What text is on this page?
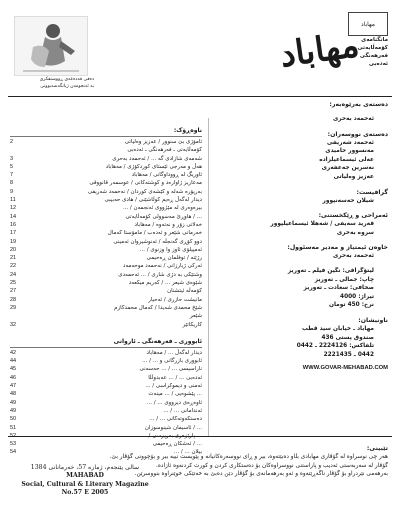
مهاباد
مهاباد مانگنامەی
کۆمەڵایەتی
فەرهەنگی
ئەدەبی
دەقی قەدەغەی ڕووشنفکری
بە ئەنجومەن ژیانگەشەبوونی
ناوەڕۆک:
2	ئامۆژی بێ سنوور / عەزیز وەلیاتی
کۆمەڵایەتی ـ فەرهەنگی ـ ئەدەبی
3	شەمەی شازادی گە ... / ئەحمەد بەحری
5	هەڵ و مەرجی ئێستای کوردکۆژی / مەهاباد
7	ئاوریگ لە ڕووداوگانی / مەهاباد
8	مەعاریز ژاوارەد و کوشتەکانی / عوسمەر قانووقی
9	بەرپۆرە شەلە و کێشەی کوردان / نەحمەد شەریفی
11	دیدار لەگەڵ ڕەیم کوڵاشێنی / هادی حەبیبی
12	بیرەوەری لە مێژووی ئەنجمەن / ...
14	... / هاوڕێ مەسوولی کۆمەڵایەتی
16	خەلاتی زۆر و نەتەوە / مەهاباد
17	خەرمانی شێعر و ئەدەب / مامۆستا کەمال
19	دوو کۆڕی گەنجڵە / ئەنوشیروان ئەمینی
20	ئەمپیلۆی ئاوز وا وزنوی / ...
21	رژێنە / توفلمان ڕەحیمی
22	ئەرکی ژیارزانی / نەحمەد موحەمەد
24	وشتێکی بە دژی شاری / ... ئەحمەدی
25	شێوەی شیعر ... / کەریم میکعەد
27	کۆمەڵە ئیتشنان
28	مانیشت حازری / ئەحیار
29	شێخ محمدی شەیدا / کەمال محمدکازم
شێعر
32	کاریکاتێر
ئابووری ـ فەرهەنگی ـ ئاروانی
42	دیدار لەگەڵ ... / مەهاباد
44	ئابووری بازرگانی و ... / ...
45	ناراسیسی ... / ... حەسەنی
46	ئەدەبی ... / ... عەبدوڵڵا
47	ئەمنی و دیموکراسی / ...
48	... پێشوەیی / ... مینەت
49	ئاوەڕەی دیرووی ... / ...
49	ئەندامانی ... / ...
50	دەستکەوتەکانی ... / ...
51	... / ئاسیمان شینوسوزان
52	... پارێزەری بەرپرسی / ...
53	... / ئەشکان ڕەحیمی
54	بیلان ... / ...
دەستەی بەرێوەبەر:
ئەحمەد بەحری
دەستەی نووسەران:
ئەحمەد شەریفی
مەنسوور حامیدی
عەلی ئیسماعیلزادە
نەسرین جەعفەری
عەزیز وەلیاتی
گرافیست:
شیلان حەسەنپوور
ئەمراحی و ڕێکخستنی:
فەرید سەیفی / شەهلا ئیسماعیلپوور
سروە بەحری
خاوەن ئیمتیاز و مەدیر مەسئوول:
ئەحمەد بەحری
لیتۆگرافی: نگین فیلم ـ تەوریز
چاپ: جمالی ـ تەوریز
صحافی: سعادت ـ تەوریز
تیراژ: 4000
نرخ: 450 تومان
ناونیشان:
مهاباد ـ خیابان سید قطب
صندوق پستی 436
تلفاکس: 2224126 ـ 0442
0442 ـ 2221435
WWW.GOVAR-MEHABAD.COM
تێبینی:
هەر چی نوسراوە لە گۆڤاری مهابادی بڵاو دەبێتەوە، بیر و ڕای نووسەرەکانیانە و پێویست نییە بیر و بۆچوونی گۆڤار بێ.
گۆڤار لە سەربەستی ئەدیب و پاراستنی نووسراوەکان بۆ دەستکاری کردن و کورت کردنەوە ئازادە.
بەرهەمی نێردراو بۆ گۆڤار ناگەڕێتەوە و ئەو بەرهەمانەی بۆ گۆڤار دێن دەبێ بە خەتێکی خوێنراوە بنووسرێن.
سالی پێنجەم، ژمارە 57، خەرمانانی 1384
MAHABAD
Social, Cultural & Literary Magazine
No.57 E 2005
